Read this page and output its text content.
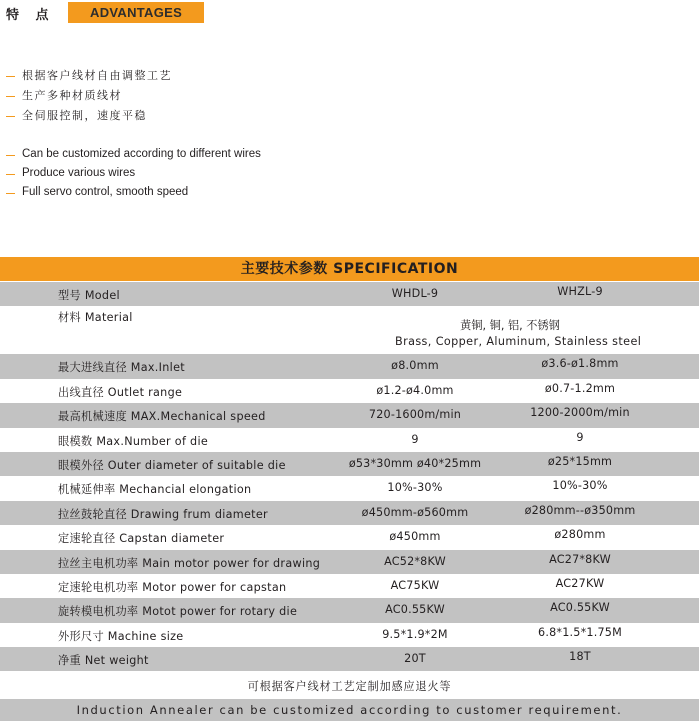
特 点	ADVANTAGES
根据客户线材自由调整工艺
生产多种材质线材
全伺服控制，速度平稳
Can be customized according to different wires
Produce various wires
Full servo control, smooth speed
主要技术参数 SPECIFICATION
型号 Model	WHDL-9	WHZL-9
材料 Material
黄铜, 铜, 铝, 不锈钢
Brass, Copper, Aluminum, Stainless steel
最大进线直径 Max.Inlet	ø8.0mm	ø3.6-ø1.8mm
出线直径 Outlet range	ø1.2-ø4.0mm	ø0.7-1.2mm
最高机械速度 MAX.Mechanical speed	720-1600m/min	1200-2000m/min
眼模数 Max.Number of die	9	9
眼模外径 Outer diameter of suitable die	ø53*30mm ø40*25mm	ø25*15mm
机械延伸率 Mechancial elongation	10%-30%	10%-30%
拉丝鼓轮直径 Drawing frum diameter	ø450mm-ø560mm	ø280mm--ø350mm
定速轮直径 Capstan diameter	ø450mm	ø280mm
拉丝主电机功率 Main motor power for drawing	AC52*8KW	AC27*8KW
定速轮电机功率 Motor power for capstan	AC75KW	AC27KW
旋转模电机功率 Motot power for rotary die	AC0.55KW	AC0.55KW
外形尺寸 Machine size	9.5*1.9*2M	6.8*1.5*1.75M
净重 Net weight	20T	18T
可根据客户线材工艺定制加感应退火等
Induction Annealer can be customized according to customer requirement.
